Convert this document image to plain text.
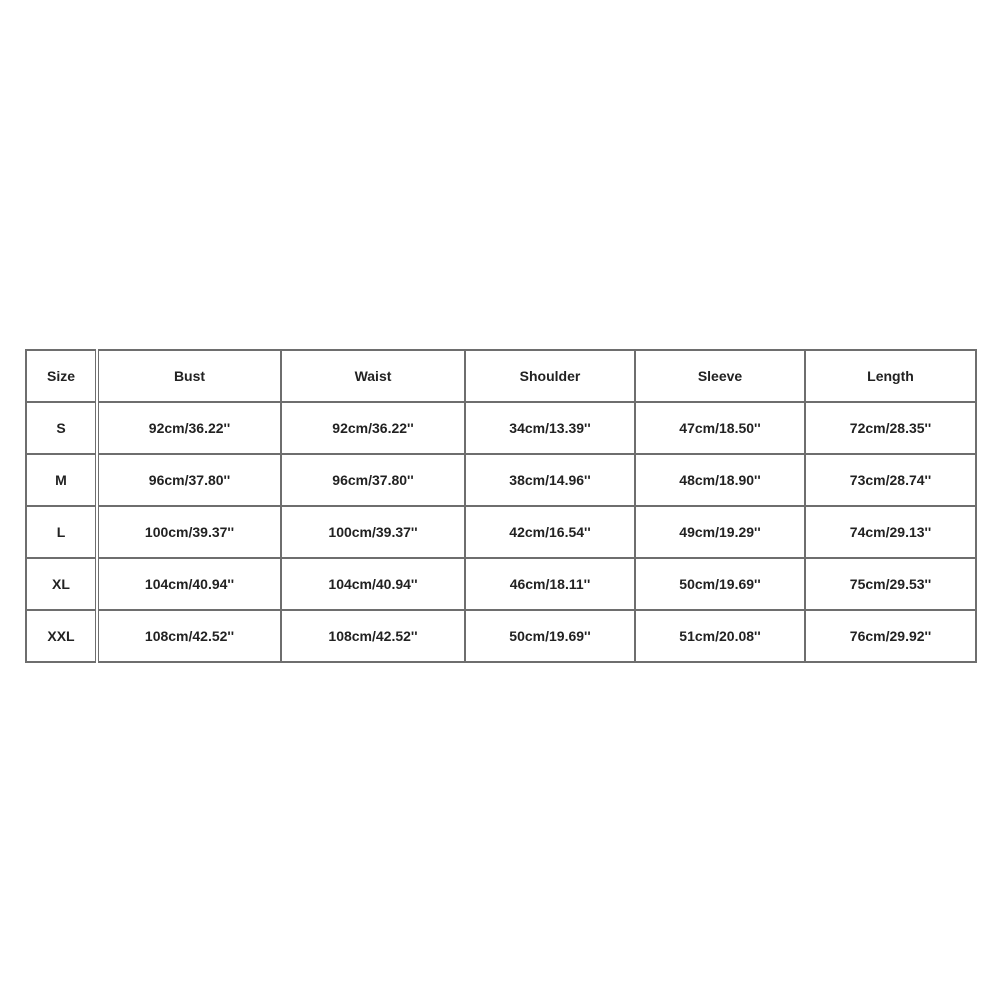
Size	Bust	Waist	Shoulder	Sleeve	Length
S	92cm/36.22''	92cm/36.22''	34cm/13.39''	47cm/18.50''	72cm/28.35''
M	96cm/37.80''	96cm/37.80''	38cm/14.96''	48cm/18.90''	73cm/28.74''
L	100cm/39.37''	100cm/39.37''	42cm/16.54''	49cm/19.29''	74cm/29.13''
XL	104cm/40.94''	104cm/40.94''	46cm/18.11''	50cm/19.69''	75cm/29.53''
XXL	108cm/42.52''	108cm/42.52''	50cm/19.69''	51cm/20.08''	76cm/29.92''
